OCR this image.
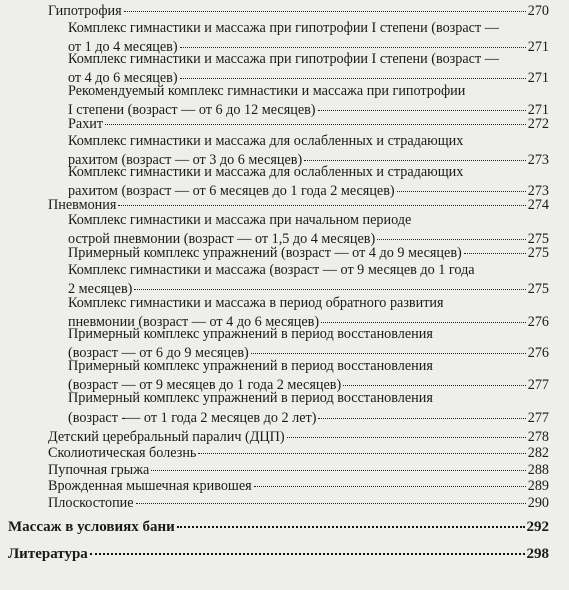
Гипотрофия	270
Комплекс гимнастики и массажа при гипотрофии I степени (возраст —
от 1 до 4 месяцев)	271
Комплекс гимнастики и массажа при гипотрофии I степени (возраст —
от 4 до 6 месяцев)	271
Рекомендуемый комплекс гимнастики и массажа при гипотрофии
I степени (возраст — от 6 до 12 месяцев)	271
Рахит	272
Комплекс гимнастики и массажа для ослабленных и страдающих
рахитом (возраст — от 3 до 6 месяцев)	273
Комплекс гимнастики и массажа для ослабленных и страдающих
рахитом (возраст — от 6 месяцев до 1 года 2 месяцев)	273
Пневмония	274
Комплекс гимнастики и массажа при начальном периоде
острой пневмонии (возраст — от 1,5 до 4 месяцев)	275
Примерный комплекс упражнений (возраст — от 4 до 9 месяцев)	275
Комплекс гимнастики и массажа (возраст — от 9 месяцев до 1 года
2 месяцев)	275
Комплекс гимнастики и массажа в период обратного развития
пневмонии (возраст — от 4 до 6 месяцев)	276
Примерный комплекс упражнений в период восстановления
(возраст — от 6 до 9 месяцев)	276
Примерный комплекс упражнений в период восстановления
(возраст — от 9 месяцев до 1 года 2 месяцев)	277
Примерный комплекс упражнений в период восстановления
(возраст -— от 1 года 2 месяцев до 2 лет)	277
Детский церебральный паралич (ДЦП)	278
Сколиотическая болезнь	282
Пупочная грыжа	288
Врожденная мышечная кривошея	289
Плоскостопие	290
Массаж в условиях бани	292
Литература	298
